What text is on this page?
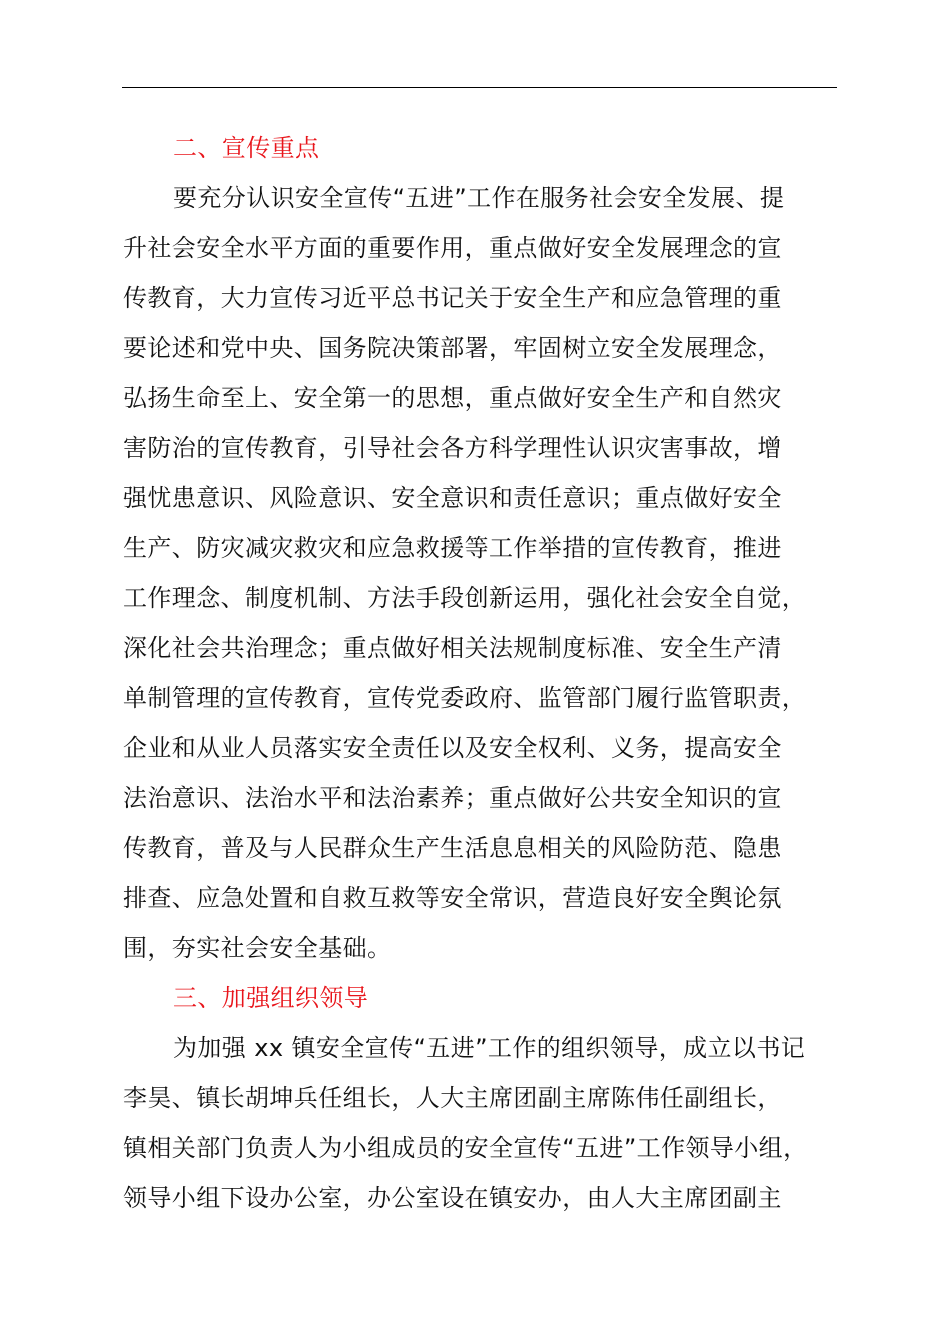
二、宣传重点
要充分认识安全宣传“五进”工作在服务社会安全发展、提
升社会安全水平方面的重要作用，重点做好安全发展理念的宣
传教育，大力宣传习近平总书记关于安全生产和应急管理的重
要论述和党中央、国务院决策部署，牢固树立安全发展理念，
弘扬生命至上、安全第一的思想，重点做好安全生产和自然灾
害防治的宣传教育，引导社会各方科学理性认识灾害事故，增
强忧患意识、风险意识、安全意识和责任意识；重点做好安全
生产、防灾减灾救灾和应急救援等工作举措的宣传教育，推进
工作理念、制度机制、方法手段创新运用，强化社会安全自觉，
深化社会共治理念；重点做好相关法规制度标准、安全生产清
单制管理的宣传教育，宣传党委政府、监管部门履行监管职责，
企业和从业人员落实安全责任以及安全权利、义务，提高安全
法治意识、法治水平和法治素养；重点做好公共安全知识的宣
传教育，普及与人民群众生产生活息息相关的风险防范、隐患
排查、应急处置和自救互救等安全常识，营造良好安全舆论氛
围，夯实社会安全基础。
三、加强组织领导
为加强 xx 镇安全宣传“五进”工作的组织领导，成立以书记
李昊、镇长胡坤兵任组长，人大主席团副主席陈伟任副组长，
镇相关部门负责人为小组成员的安全宣传“五进”工作领导小组，
领导小组下设办公室，办公室设在镇安办，由人大主席团副主
